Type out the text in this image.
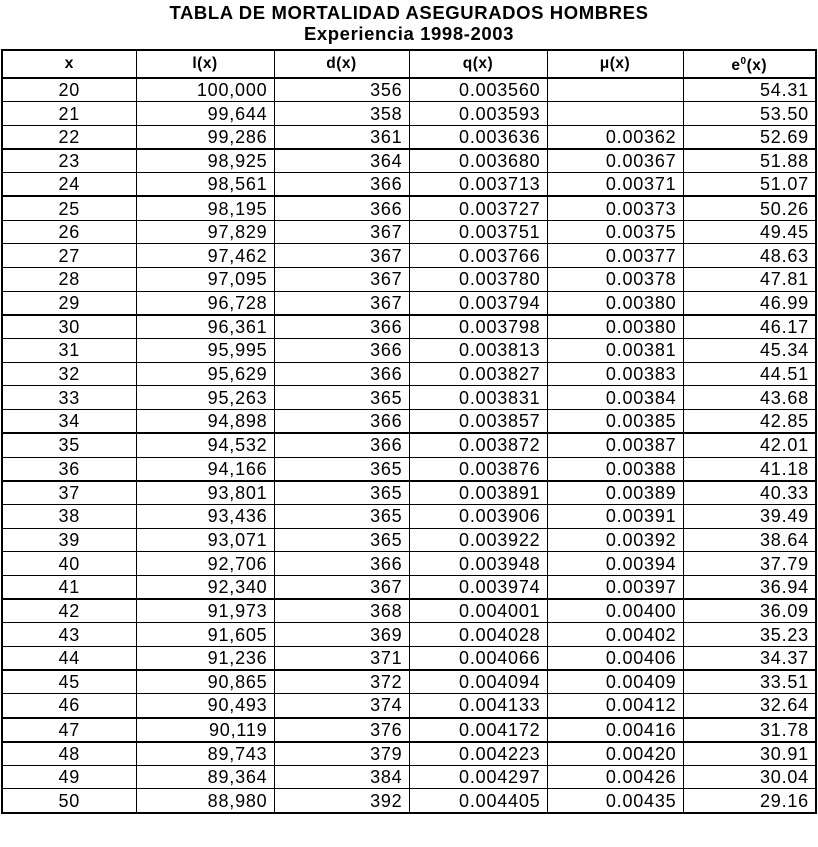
TABLA DE MORTALIDAD ASEGURADOS HOMBRES
Experiencia 1998-2003
x	l(x)	d(x)	q(x)	μ(x)	$e^0(x)$
20	100,000	356	0.003560		54.31
21	99,644	358	0.003593		53.50
22	99,286	361	0.003636	0.00362	52.69
23	98,925	364	0.003680	0.00367	51.88
24	98,561	366	0.003713	0.00371	51.07
25	98,195	366	0.003727	0.00373	50.26
26	97,829	367	0.003751	0.00375	49.45
27	97,462	367	0.003766	0.00377	48.63
28	97,095	367	0.003780	0.00378	47.81
29	96,728	367	0.003794	0.00380	46.99
30	96,361	366	0.003798	0.00380	46.17
31	95,995	366	0.003813	0.00381	45.34
32	95,629	366	0.003827	0.00383	44.51
33	95,263	365	0.003831	0.00384	43.68
34	94,898	366	0.003857	0.00385	42.85
35	94,532	366	0.003872	0.00387	42.01
36	94,166	365	0.003876	0.00388	41.18
37	93,801	365	0.003891	0.00389	40.33
38	93,436	365	0.003906	0.00391	39.49
39	93,071	365	0.003922	0.00392	38.64
40	92,706	366	0.003948	0.00394	37.79
41	92,340	367	0.003974	0.00397	36.94
42	91,973	368	0.004001	0.00400	36.09
43	91,605	369	0.004028	0.00402	35.23
44	91,236	371	0.004066	0.00406	34.37
45	90,865	372	0.004094	0.00409	33.51
46	90,493	374	0.004133	0.00412	32.64
47	90,119	376	0.004172	0.00416	31.78
48	89,743	379	0.004223	0.00420	30.91
49	89,364	384	0.004297	0.00426	30.04
50	88,980	392	0.004405	0.00435	29.16
